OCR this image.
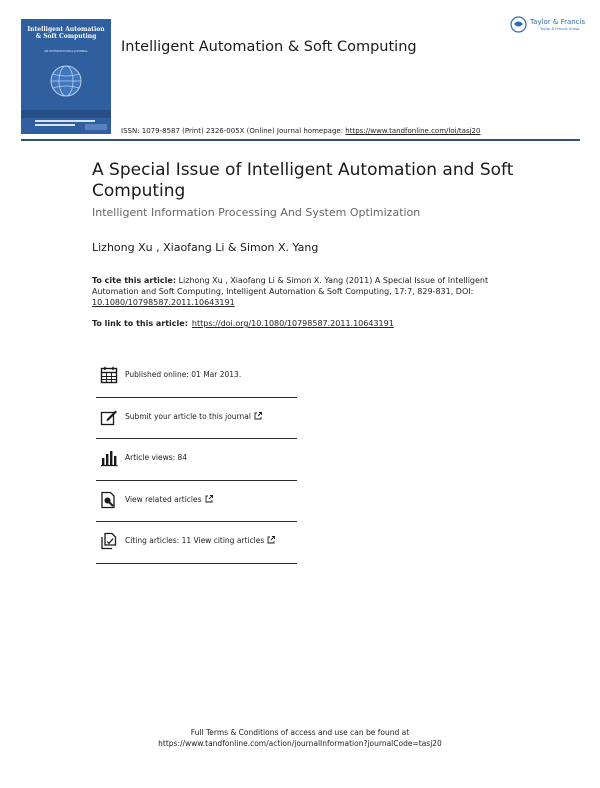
Intelligent Automation & Soft Computing
AN INTERNATIONAL JOURNAL	Intelligent Automation & Soft Computing
Taylor & Francis
Taylor & Francis Group
ISSN: 1079-8587 (Print) 2326-005X (Online) Journal homepage: https://www.tandfonline.com/loi/tasj20
A Special Issue of Intelligent Automation and Soft Computing
Intelligent Information Processing And System Optimization
Lizhong Xu , Xiaofang Li & Simon X. Yang
To cite this article: Lizhong Xu , Xiaofang Li & Simon X. Yang (2011) A Special Issue of Intelligent Automation and Soft Computing, Intelligent Automation & Soft Computing, 17:7, 829-831, DOI: 10.1080/10798587.2011.10643191
To link to this article: https://doi.org/10.1080/10798587.2011.10643191
Published online: 01 Mar 2013.
Submit your article to this journal
Article views: 84
View related articles
Citing articles: 11 View citing articles
Full Terms & Conditions of access and use can be found at
https://www.tandfonline.com/action/journalInformation?journalCode=tasj20
